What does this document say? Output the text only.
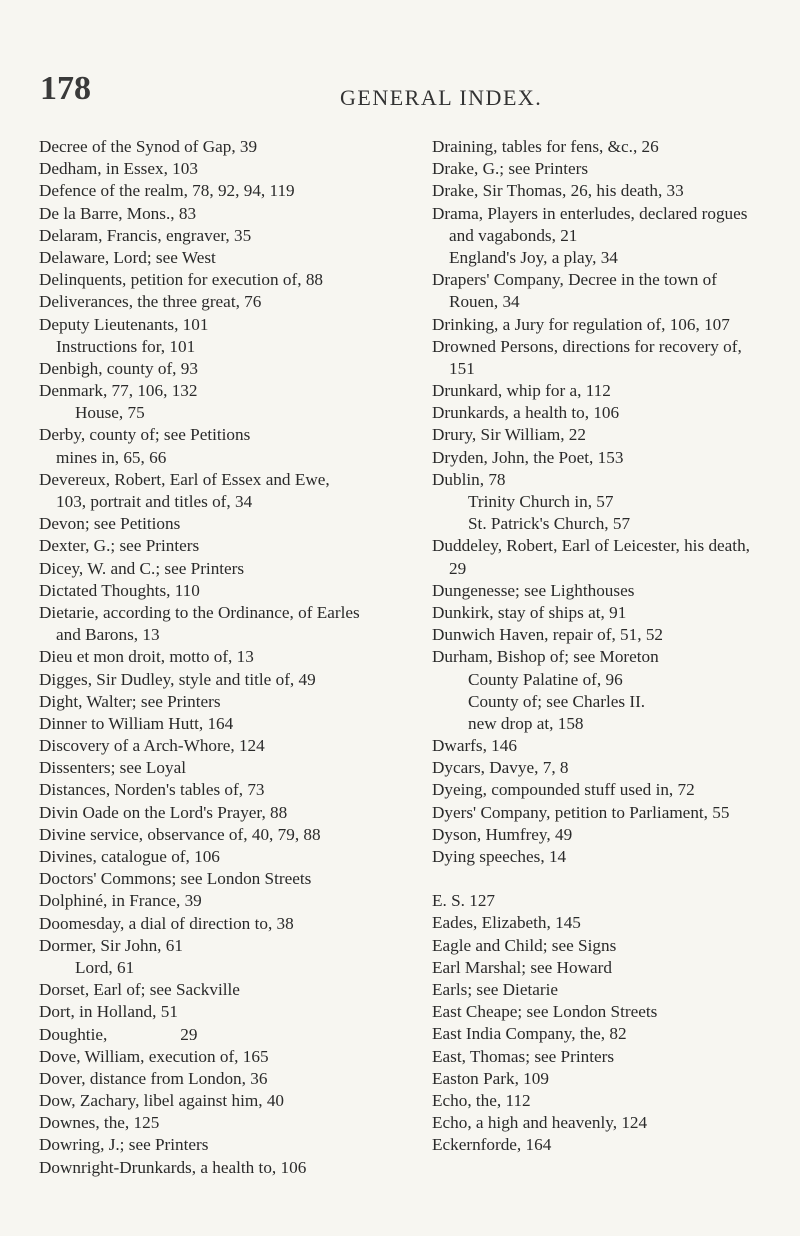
178	GENERAL INDEX.
Decree of the Synod of Gap, 39
Dedham, in Essex, 103
Defence of the realm, 78, 92, 94, 119
De la Barre, Mons., 83
Delaram, Francis, engraver, 35
Delaware, Lord; see West
Delinquents, petition for execution of, 88
Deliverances, the three great, 76
Deputy Lieutenants, 101
Instructions for, 101
Denbigh, county of, 93
Denmark, 77, 106, 132
House, 75
Derby, county of; see Petitions
mines in, 65, 66
Devereux, Robert, Earl of Essex and Ewe,
103, portrait and titles of, 34
Devon; see Petitions
Dexter, G.; see Printers
Dicey, W. and C.; see Printers
Dictated Thoughts, 110
Dietarie, according to the Ordinance, of Earles
and Barons, 13
Dieu et mon droit, motto of, 13
Digges, Sir Dudley, style and title of, 49
Dight, Walter; see Printers
Dinner to William Hutt, 164
Discovery of a Arch-Whore, 124
Dissenters; see Loyal
Distances, Norden's tables of, 73
Divin Oade on the Lord's Prayer, 88
Divine service, observance of, 40, 79, 88
Divines, catalogue of, 106
Doctors' Commons; see London Streets
Dolphiné, in France, 39
Doomesday, a dial of direction to, 38
Dormer, Sir John, 61
Lord, 61
Dorset, Earl of; see Sackville
Dort, in Holland, 51
Doughtie,                 29
Dove, William, execution of, 165
Dover, distance from London, 36
Dow, Zachary, libel against him, 40
Downes, the, 125
Dowring, J.; see Printers
Downright-Drunkards, a health to, 106
Draining, tables for fens, &c., 26
Drake, G.; see Printers
Drake, Sir Thomas, 26, his death, 33
Drama, Players in enterludes, declared rogues
and vagabonds, 21
England's Joy, a play, 34
Drapers' Company, Decree in the town of
Rouen, 34
Drinking, a Jury for regulation of, 106, 107
Drowned Persons, directions for recovery of,
151
Drunkard, whip for a, 112
Drunkards, a health to, 106
Drury, Sir William, 22
Dryden, John, the Poet, 153
Dublin, 78
Trinity Church in, 57
St. Patrick's Church, 57
Duddeley, Robert, Earl of Leicester, his death,
29
Dungenesse; see Lighthouses
Dunkirk, stay of ships at, 91
Dunwich Haven, repair of, 51, 52
Durham, Bishop of; see Moreton
County Palatine of, 96
County of; see Charles II.
new drop at, 158
Dwarfs, 146
Dycars, Davye, 7, 8
Dyeing, compounded stuff used in, 72
Dyers' Company, petition to Parliament, 55
Dyson, Humfrey, 49
Dying speeches, 14
E. S. 127
Eades, Elizabeth, 145
Eagle and Child; see Signs
Earl Marshal; see Howard
Earls; see Dietarie
East Cheape; see London Streets
East India Company, the, 82
East, Thomas; see Printers
Easton Park, 109
Echo, the, 112
Echo, a high and heavenly, 124
Eckernforde, 164
